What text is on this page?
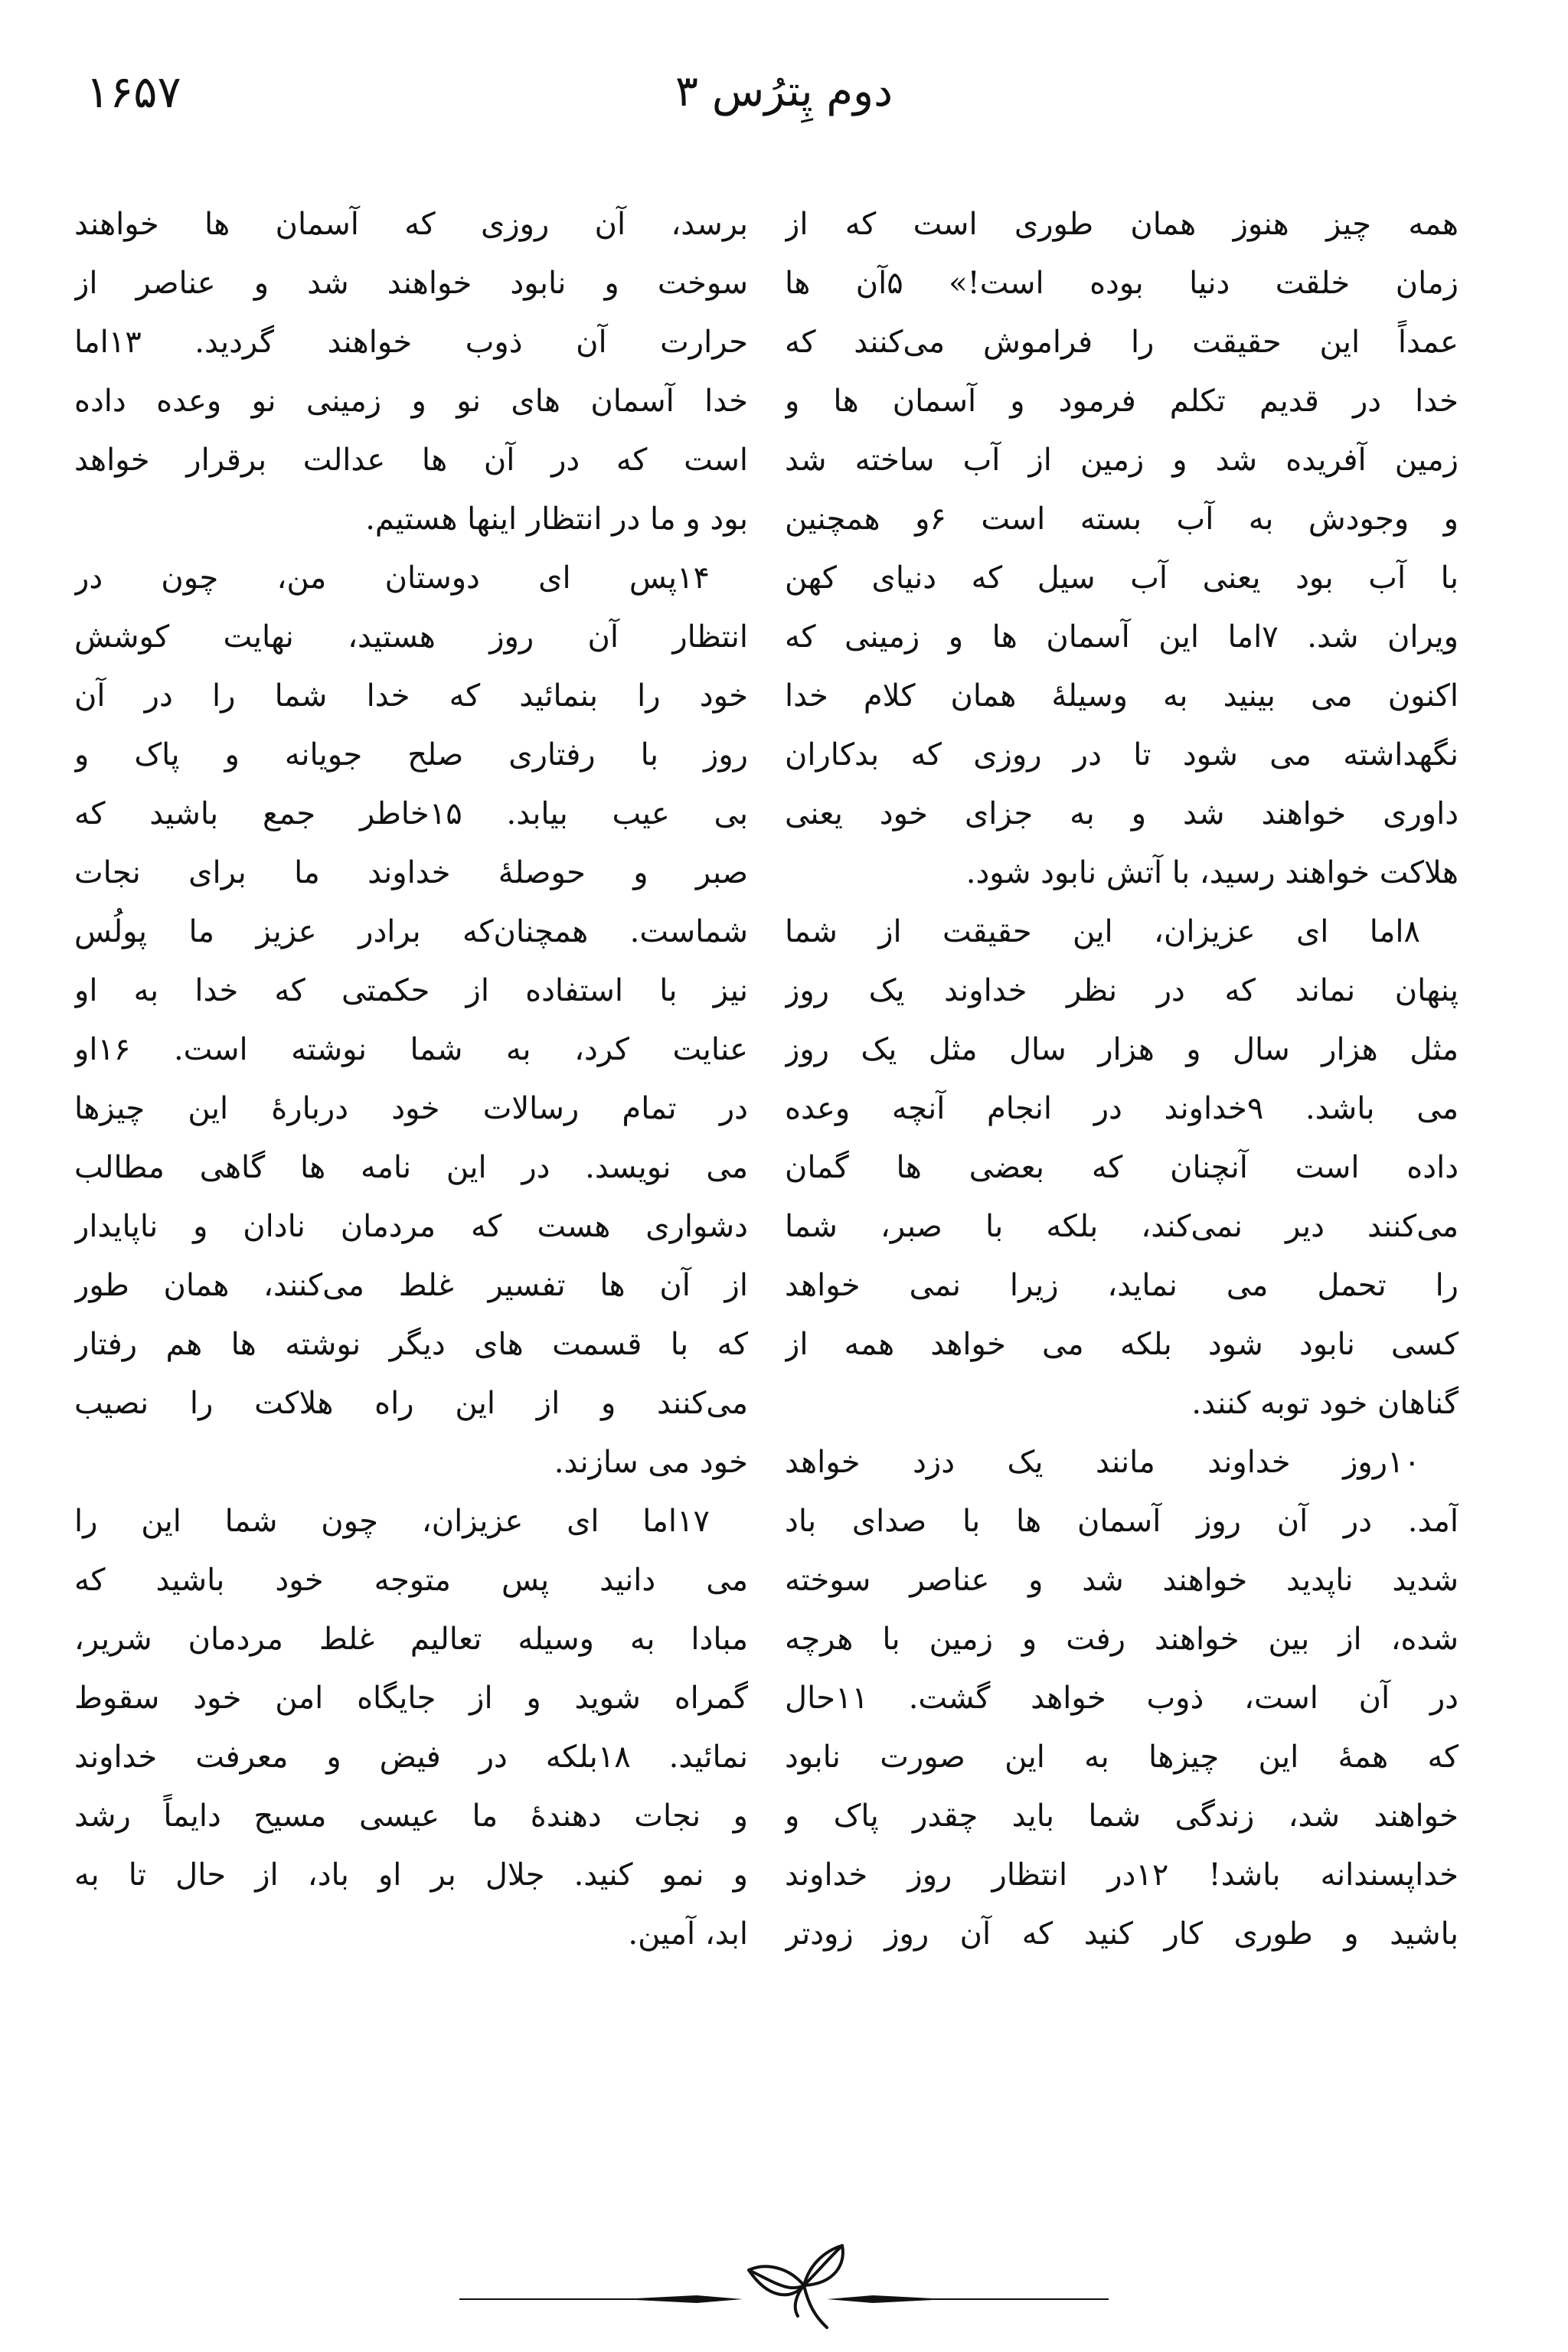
۱۶۵۷	دوم پِترُس ۳
همه چیز هنوز همان طوری است که از
زمان خلقت دنیا بوده است!» ۵آن ها
عمداً این حقیقت را فراموش می‌کنند که
خدا در قدیم تکلم فرمود و آسمان ها و
زمین آفریده شد و زمین از آب ساخته شد
و وجودش به آب بسته است ۶و همچنین
با آب بود یعنی آب سیل که دنیای کهن
ویران شد. ۷اما این آسمان ها و زمینی که
اکنون می بینید به وسیلهٔ همان کلام خدا
نگهداشته می شود تا در روزی که بدکاران
داوری خواهند شد و به جزای خود یعنی
هلاکت خواهند رسید، با آتش نابود شود.
۸اما ای عزیزان، این حقیقت از شما
پنهان نماند که در نظر خداوند یک روز
مثل هزار سال و هزار سال مثل یک روز
می باشد. ۹خداوند در انجام آنچه وعده
داده است آنچنان که بعضی ها گمان
می‌کنند دیر نمی‌کند، بلکه با صبر، شما
را تحمل می نماید، زیرا نمی خواهد
کسی نابود شود بلکه می خواهد همه از
گناهان خود توبه کنند.
۱۰روز خداوند مانند یک دزد خواهد
آمد. در آن روز آسمان ها با صدای باد
شدید ناپدید خواهند شد و عناصر سوخته
شده، از بین خواهند رفت و زمین با هرچه
در آن است، ذوب خواهد گشت. ۱۱حال
که همهٔ این چیزها به این صورت نابود
خواهند شد، زندگی شما باید چقدر پاک و
خداپسندانه باشد! ۱۲در انتظار روز خداوند
باشید و طوری کار کنید که آن روز زودتر
برسد، آن روزی که آسمان ها خواهند
سوخت و نابود خواهند شد و عناصر از
حرارت آن ذوب خواهند گردید. ۱۳اما
خدا آسمان های نو و زمینی نو وعده داده
است که در آن ها عدالت برقرار خواهد
بود و ما در انتظار اینها هستیم.
۱۴پس ای دوستان من، چون در
انتظار آن روز هستید، نهایت کوشش
خود را بنمائید که خدا شما را در آن
روز با رفتاری صلح جویانه و پاک و
بی عیب بیابد. ۱۵خاطر جمع باشید که
صبر و حوصلهٔ خداوند ما برای نجات
شماست. همچنان‌که برادر عزیز ما پولُس
نیز با استفاده از حکمتی که خدا به او
عنایت کرد، به شما نوشته است. ۱۶او
در تمام رسالات خود دربارهٔ این چیزها
می نویسد. در این نامه ها گاهی مطالب
دشواری هست که مردمان نادان و ناپایدار
از آن ها تفسیر غلط می‌کنند، همان طور
که با قسمت های دیگر نوشته ها هم رفتار
می‌کنند و از این راه هلاکت را نصیب
خود می سازند.
۱۷اما ای عزیزان، چون شما این را
می دانید پس متوجه خود باشید که
مبادا به وسیله تعالیم غلط مردمان شریر،
گمراه شوید و از جایگاه امن خود سقوط
نمائید. ۱۸بلکه در فیض و معرفت خداوند
و نجات دهندهٔ ما عیسی مسیح دایماً رشد
و نمو کنید. جلال بر او باد، از حال تا به
ابد، آمین.
